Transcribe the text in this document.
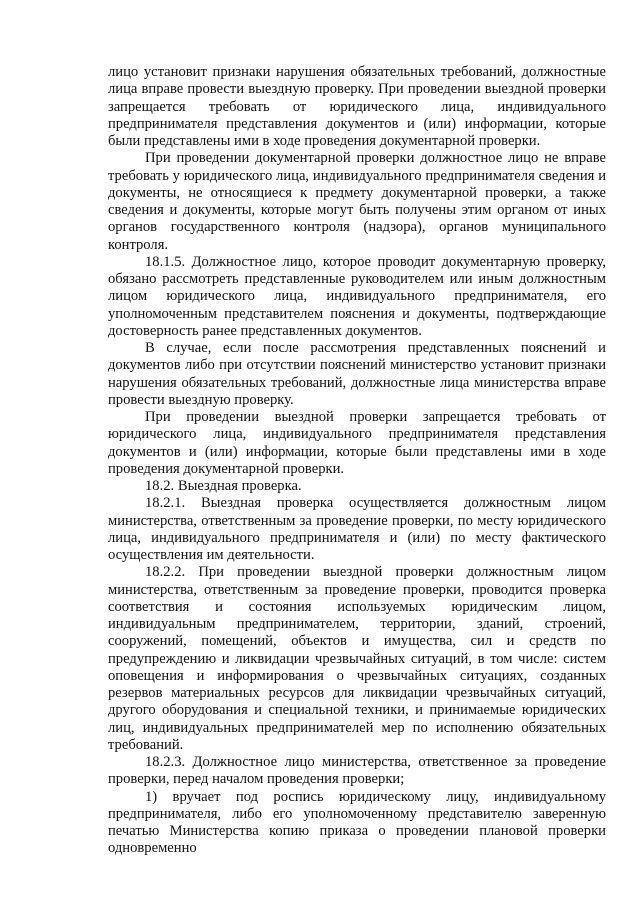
лицо установит признаки нарушения обязательных требований, должностные лица вправе провести выездную проверку. При проведении выездной проверки запрещается требовать от юридического лица, индивидуального предпринимателя представления документов и (или) информации, которые были представлены ими в ходе проведения документарной проверки.

При проведении документарной проверки должностное лицо не вправе требовать у юридического лица, индивидуального предпринимателя сведения и документы, не относящиеся к предмету документарной проверки, а также сведения и документы, которые могут быть получены этим органом от иных органов государственного контроля (надзора), органов муниципального контроля.

18.1.5. Должностное лицо, которое проводит документарную проверку, обязано рассмотреть представленные руководителем или иным должностным лицом юридического лица, индивидуального предпринимателя, его уполномоченным представителем пояснения и документы, подтверждающие достоверность ранее представленных документов.

В случае, если после рассмотрения представленных пояснений и документов либо при отсутствии пояснений министерство установит признаки нарушения обязательных требований, должностные лица министерства вправе провести выездную проверку.

При проведении выездной проверки запрещается требовать от юридического лица, индивидуального предпринимателя представления документов и (или) информации, которые были представлены ими в ходе проведения документарной проверки.

18.2. Выездная проверка.

18.2.1. Выездная проверка осуществляется должностным лицом министерства, ответственным за проведение проверки, по месту юридического лица, индивидуального предпринимателя и (или) по месту фактического осуществления им деятельности.

18.2.2. При проведении выездной проверки должностным лицом министерства, ответственным за проведение проверки, проводится проверка соответствия и состояния используемых юридическим лицом, индивидуальным предпринимателем, территории, зданий, строений, сооружений, помещений, объектов и имущества, сил и средств по предупреждению и ликвидации чрезвычайных ситуаций, в том числе: систем оповещения и информирования о чрезвычайных ситуациях, созданных резервов материальных ресурсов для ликвидации чрезвычайных ситуаций, другого оборудования и специальной техники, и принимаемые юридических лиц, индивидуальных предпринимателей мер по исполнению обязательных требований.

18.2.3. Должностное лицо министерства, ответственное за проведение проверки, перед началом проведения проверки;

1) вручает под роспись юридическому лицу, индивидуальному предпринимателя, либо его уполномоченному представителю заверенную печатью Министерства копию приказа о проведении плановой проверки одновременно
